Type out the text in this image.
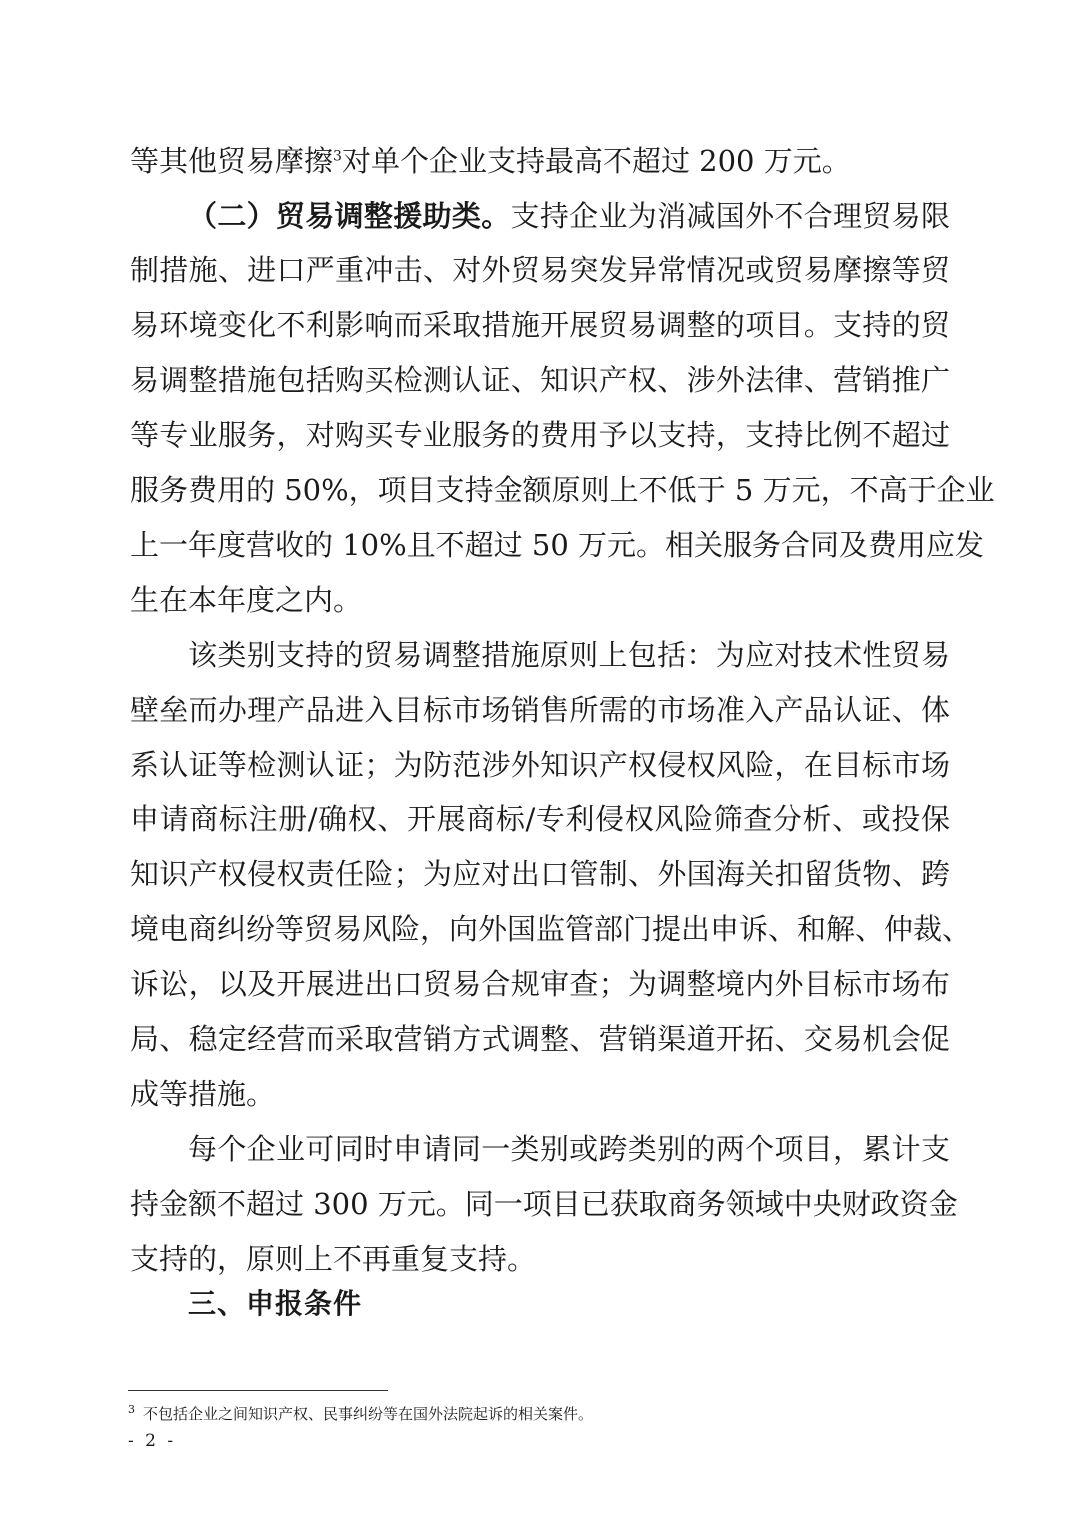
等其他贸易摩擦$^3$对单个企业支持最高不超过 200 万元。
（二）贸易调整援助类。支持企业为消减国外不合理贸易限
制措施、进口严重冲击、对外贸易突发异常情况或贸易摩擦等贸
易环境变化不利影响而采取措施开展贸易调整的项目。支持的贸
易调整措施包括购买检测认证、知识产权、涉外法律、营销推广
等专业服务，对购买专业服务的费用予以支持，支持比例不超过
服务费用的 50%，项目支持金额原则上不低于 5 万元，不高于企业
上一年度营收的 10%且不超过 50 万元。相关服务合同及费用应发
生在本年度之内。
该类别支持的贸易调整措施原则上包括：为应对技术性贸易
壁垒而办理产品进入目标市场销售所需的市场准入产品认证、体
系认证等检测认证；为防范涉外知识产权侵权风险，在目标市场
申请商标注册/确权、开展商标/专利侵权风险筛查分析、或投保
知识产权侵权责任险；为应对出口管制、外国海关扣留货物、跨
境电商纠纷等贸易风险，向外国监管部门提出申诉、和解、仲裁、
诉讼，以及开展进出口贸易合规审查；为调整境内外目标市场布
局、稳定经营而采取营销方式调整、营销渠道开拓、交易机会促
成等措施。
每个企业可同时申请同一类别或跨类别的两个项目，累计支
持金额不超过 300 万元。同一项目已获取商务领域中央财政资金
支持的，原则上不再重复支持。
三、申报条件
$^3$ 不包括企业之间知识产权、民事纠纷等在国外法院起诉的相关案件。
- 2 -
